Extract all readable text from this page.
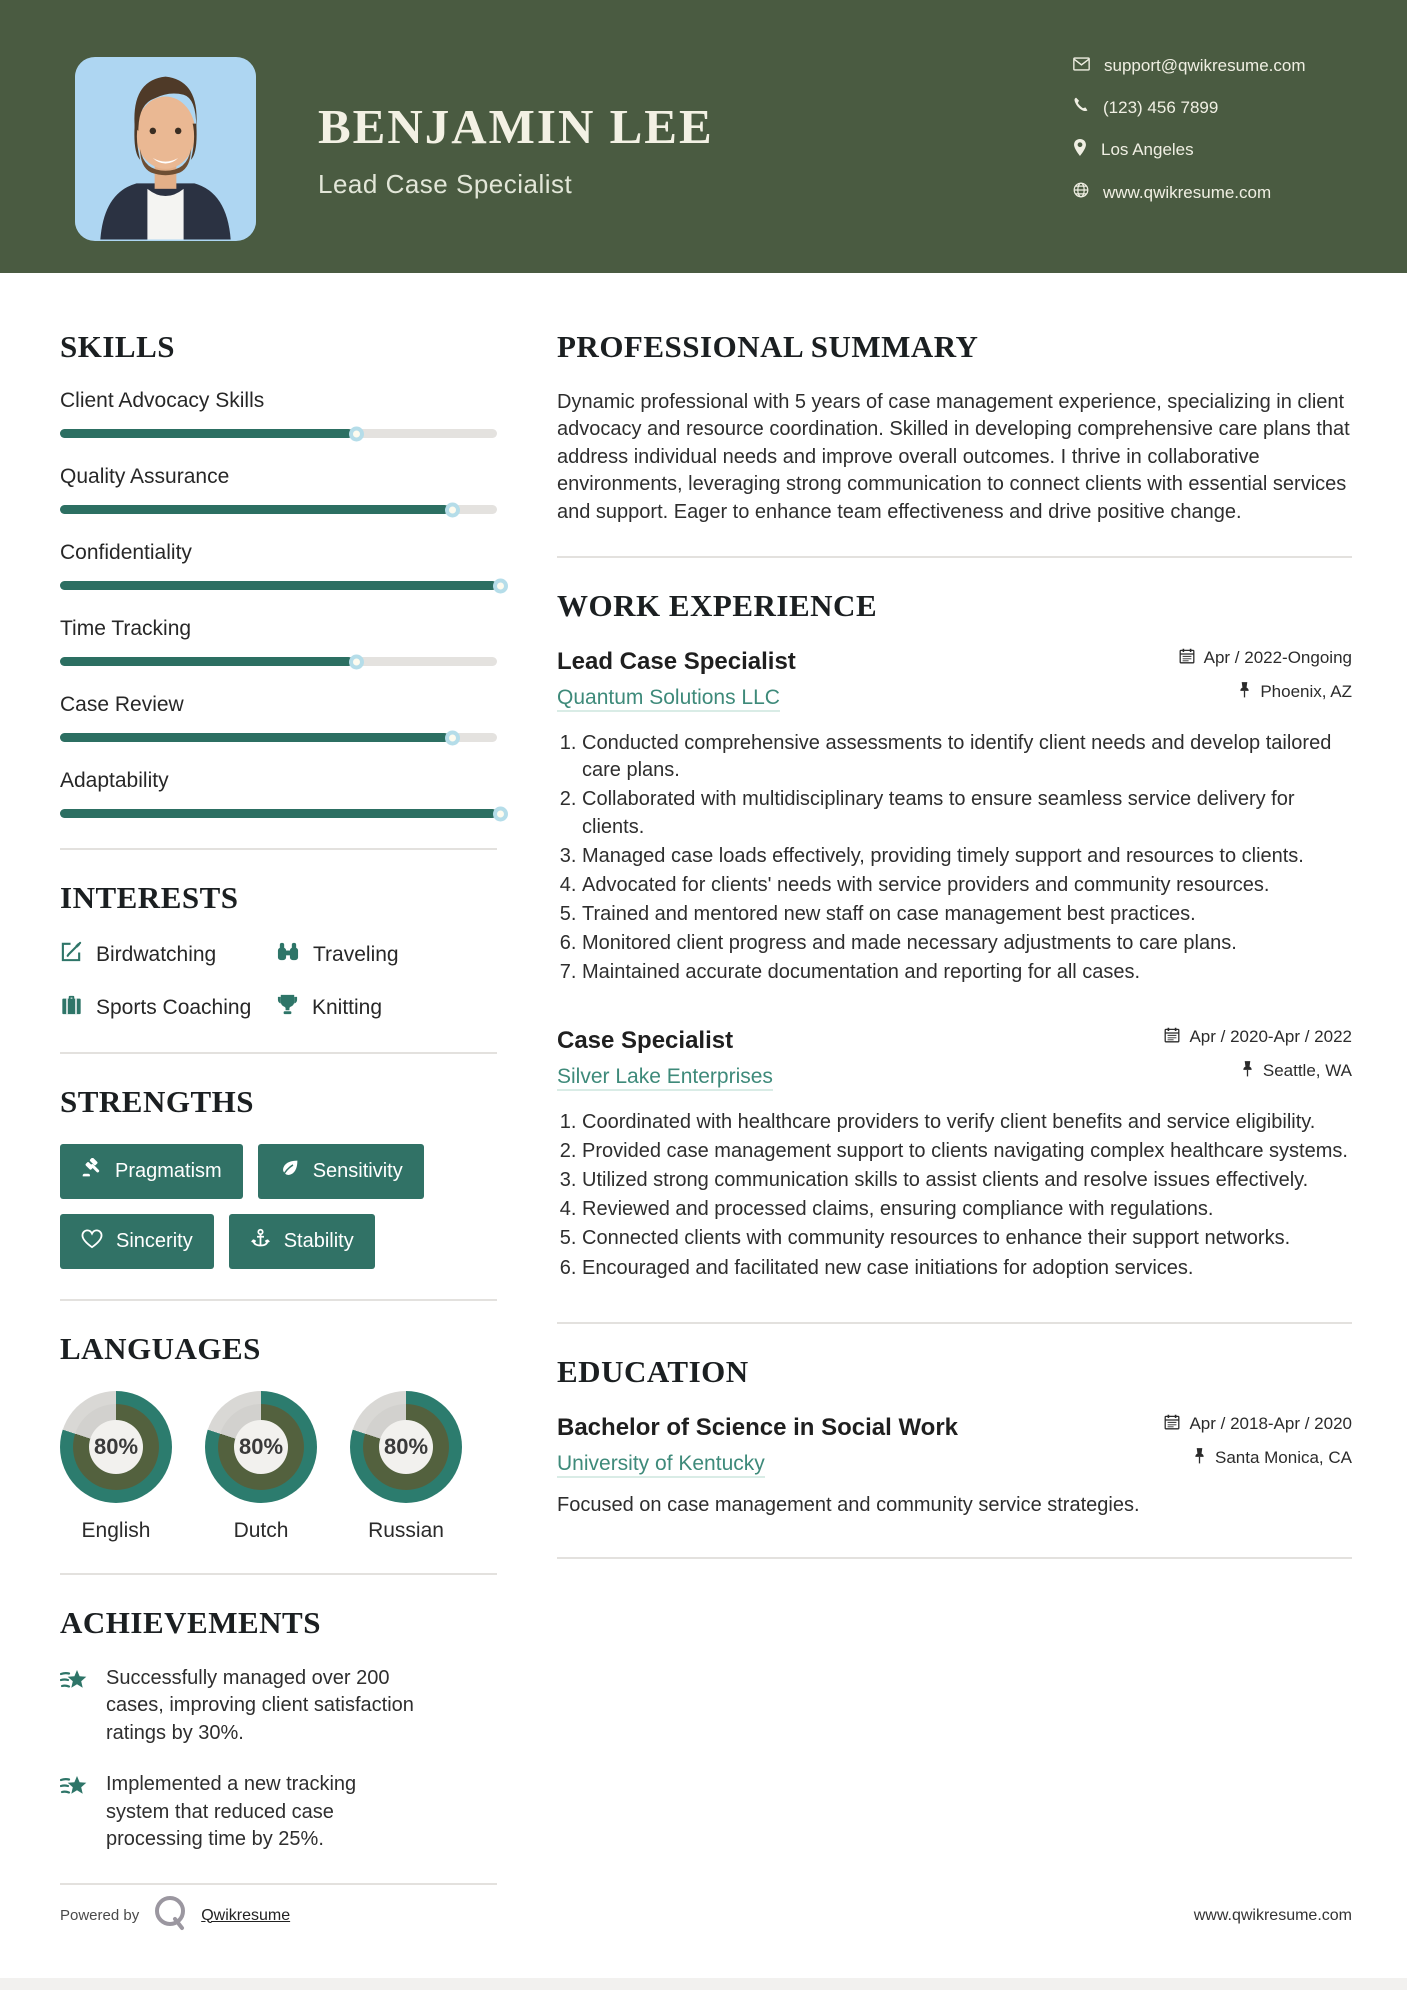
BENJAMIN LEE
Lead Case Specialist
support@qwikresume.com
(123) 456 7899
Los Angeles
www.qwikresume.com
SKILLS
Client Advocacy Skills
Quality Assurance
Confidentiality
Time Tracking
Case Review
Adaptability
INTERESTS
Birdwatching	Traveling
Sports Coaching	Knitting
STRENGTHS
Pragmatism	Sensitivity
Sincerity	Stability
LANGUAGES
80%
English
80%
Dutch
80%
Russian
ACHIEVEMENTS
Successfully managed over 200 cases, improving client satisfaction ratings by 30%.
Implemented a new tracking system that reduced case processing time by 25%.
PROFESSIONAL SUMMARY

Dynamic professional with 5 years of case management experience, specializing in client advocacy and resource coordination. Skilled in developing comprehensive care plans that address individual needs and improve overall outcomes. I thrive in collaborative environments, leveraging strong communication to connect clients with essential services and support. Eager to enhance team effectiveness and drive positive change.

WORK EXPERIENCE
Lead Case Specialist
Quantum Solutions LLC
Apr / 2022-Ongoing
Phoenix, AZ
1. Conducted comprehensive assessments to identify client needs and develop tailored care plans.
2. Collaborated with multidisciplinary teams to ensure seamless service delivery for clients.
3. Managed case loads effectively, providing timely support and resources to clients.
4. Advocated for clients' needs with service providers and community resources.
5. Trained and mentored new staff on case management best practices.
6. Monitored client progress and made necessary adjustments to care plans.
7. Maintained accurate documentation and reporting for all cases.
Case Specialist
Silver Lake Enterprises
Apr / 2020-Apr / 2022
Seattle, WA
1. Coordinated with healthcare providers to verify client benefits and service eligibility.
2. Provided case management support to clients navigating complex healthcare systems.
3. Utilized strong communication skills to assist clients and resolve issues effectively.
4. Reviewed and processed claims, ensuring compliance with regulations.
5. Connected clients with community resources to enhance their support networks.
6. Encouraged and facilitated new case initiations for adoption services.
EDUCATION
Bachelor of Science in Social Work
University of Kentucky
Apr / 2018-Apr / 2020
Santa Monica, CA

Focused on case management and community service strategies.

Powered by	Qwikresume	www.qwikresume.com
